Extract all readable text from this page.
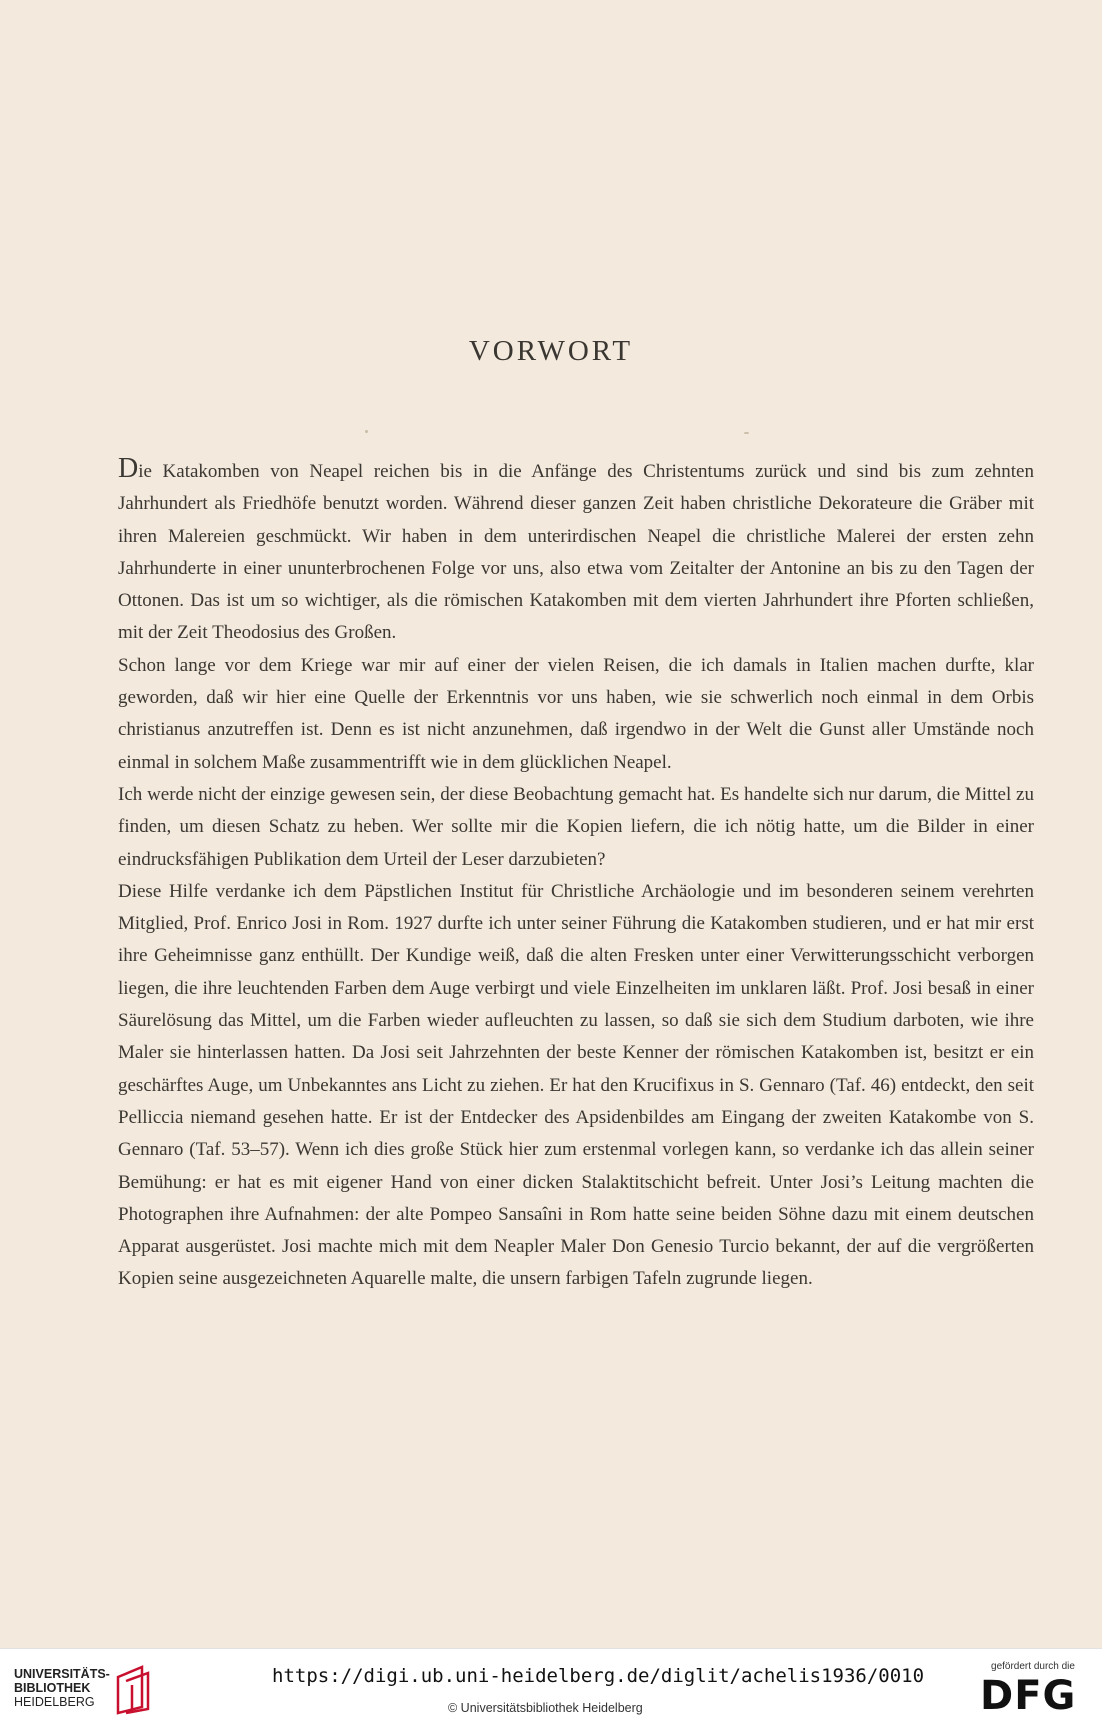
VORWORT

Die Katakomben von Neapel reichen bis in die Anfänge des Christentums zurück und sind bis zum zehnten Jahrhundert als Friedhöfe benutzt worden. Während dieser ganzen Zeit haben christliche Dekorateure die Gräber mit ihren Malereien geschmückt. Wir haben in dem unterirdischen Neapel die christliche Malerei der ersten zehn Jahrhunderte in einer ununterbrochenen Folge vor uns, also etwa vom Zeitalter der Antonine an bis zu den Tagen der Ottonen. Das ist um so wichtiger, als die römischen Katakomben mit dem vierten Jahrhundert ihre Pforten schließen, mit der Zeit Theodosius des Großen.

Schon lange vor dem Kriege war mir auf einer der vielen Reisen, die ich damals in Italien machen durfte, klar geworden, daß wir hier eine Quelle der Erkenntnis vor uns haben, wie sie schwerlich noch einmal in dem Orbis christianus anzutreffen ist. Denn es ist nicht anzunehmen, daß irgendwo in der Welt die Gunst aller Umstände noch einmal in solchem Maße zusammentrifft wie in dem glücklichen Neapel.

Ich werde nicht der einzige gewesen sein, der diese Beobachtung gemacht hat. Es handelte sich nur darum, die Mittel zu finden, um diesen Schatz zu heben. Wer sollte mir die Kopien liefern, die ich nötig hatte, um die Bilder in einer eindrucksfähigen Publikation dem Urteil der Leser darzubieten?

Diese Hilfe verdanke ich dem Päpstlichen Institut für Christliche Archäologie und im besonderen seinem verehrten Mitglied, Prof. Enrico Josi in Rom. 1927 durfte ich unter seiner Führung die Katakomben studieren, und er hat mir erst ihre Geheimnisse ganz enthüllt. Der Kundige weiß, daß die alten Fresken unter einer Verwitterungsschicht verborgen liegen, die ihre leuchtenden Farben dem Auge verbirgt und viele Einzelheiten im unklaren läßt. Prof. Josi besaß in einer Säurelösung das Mittel, um die Farben wieder aufleuchten zu lassen, so daß sie sich dem Studium darboten, wie ihre Maler sie hinterlassen hatten. Da Josi seit Jahrzehnten der beste Kenner der römischen Katakomben ist, besitzt er ein geschärftes Auge, um Unbekanntes ans Licht zu ziehen. Er hat den Krucifixus in S. Gennaro (Taf. 46) entdeckt, den seit Pelliccia niemand gesehen hatte. Er ist der Entdecker des Apsidenbildes am Eingang der zweiten Katakombe von S. Gennaro (Taf. 53–57). Wenn ich dies große Stück hier zum erstenmal vorlegen kann, so verdanke ich das allein seiner Bemühung: er hat es mit eigener Hand von einer dicken Stalaktitschicht befreit. Unter Josi’s Leitung machten die Photographen ihre Aufnahmen: der alte Pompeo Sansaîni in Rom hatte seine beiden Söhne dazu mit einem deutschen Apparat ausgerüstet. Josi machte mich mit dem Neapler Maler Don Genesio Turcio bekannt, der auf die vergrößerten Kopien seine ausgezeichneten Aquarelle malte, die unsern farbigen Tafeln zugrunde liegen.

UNIVERSITÄTS-
BIBLIOTHEK
HEIDELBERG
https://digi.ub.uni-heidelberg.de/diglit/achelis1936/0010
© Universitätsbibliothek Heidelberg
gefördert durch die
DFG
